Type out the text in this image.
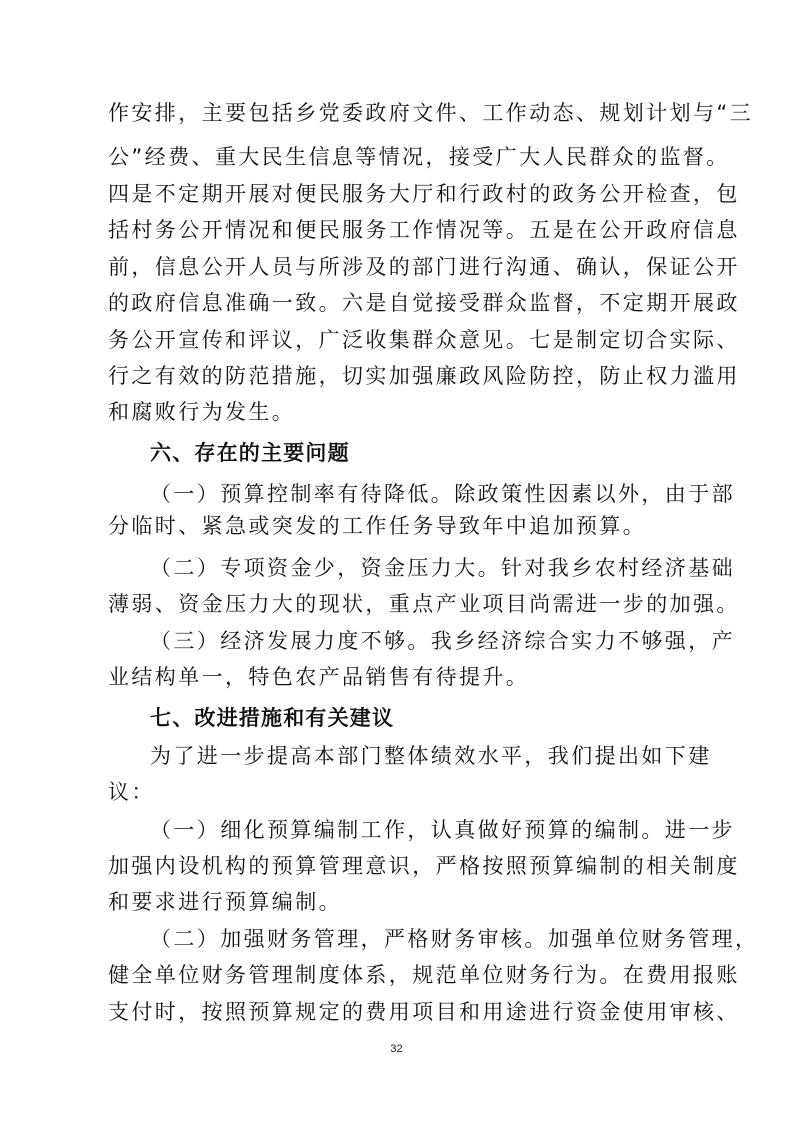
作安排，主要包括乡党委政府文件、工作动态、规划计划与“三
公”经费、重大民生信息等情况，接受广大人民群众的监督。
四是不定期开展对便民服务大厅和行政村的政务公开检查，包
括村务公开情况和便民服务工作情况等。五是在公开政府信息
前，信息公开人员与所涉及的部门进行沟通、确认，保证公开
的政府信息准确一致。六是自觉接受群众监督，不定期开展政
务公开宣传和评议，广泛收集群众意见。七是制定切合实际、
行之有效的防范措施，切实加强廉政风险防控，防止权力滥用
和腐败行为发生。
六、存在的主要问题
（一）预算控制率有待降低。除政策性因素以外，由于部
分临时、紧急或突发的工作任务导致年中追加预算。
（二）专项资金少，资金压力大。针对我乡农村经济基础
薄弱、资金压力大的现状，重点产业项目尚需进一步的加强。
（三）经济发展力度不够。我乡经济综合实力不够强，产
业结构单一，特色农产品销售有待提升。
七、改进措施和有关建议
为了进一步提高本部门整体绩效水平，我们提出如下建
议：
（一）细化预算编制工作，认真做好预算的编制。进一步
加强内设机构的预算管理意识，严格按照预算编制的相关制度
和要求进行预算编制。
（二）加强财务管理，严格财务审核。加强单位财务管理，
健全单位财务管理制度体系，规范单位财务行为。在费用报账
支付时，按照预算规定的费用项目和用途进行资金使用审核、
32
